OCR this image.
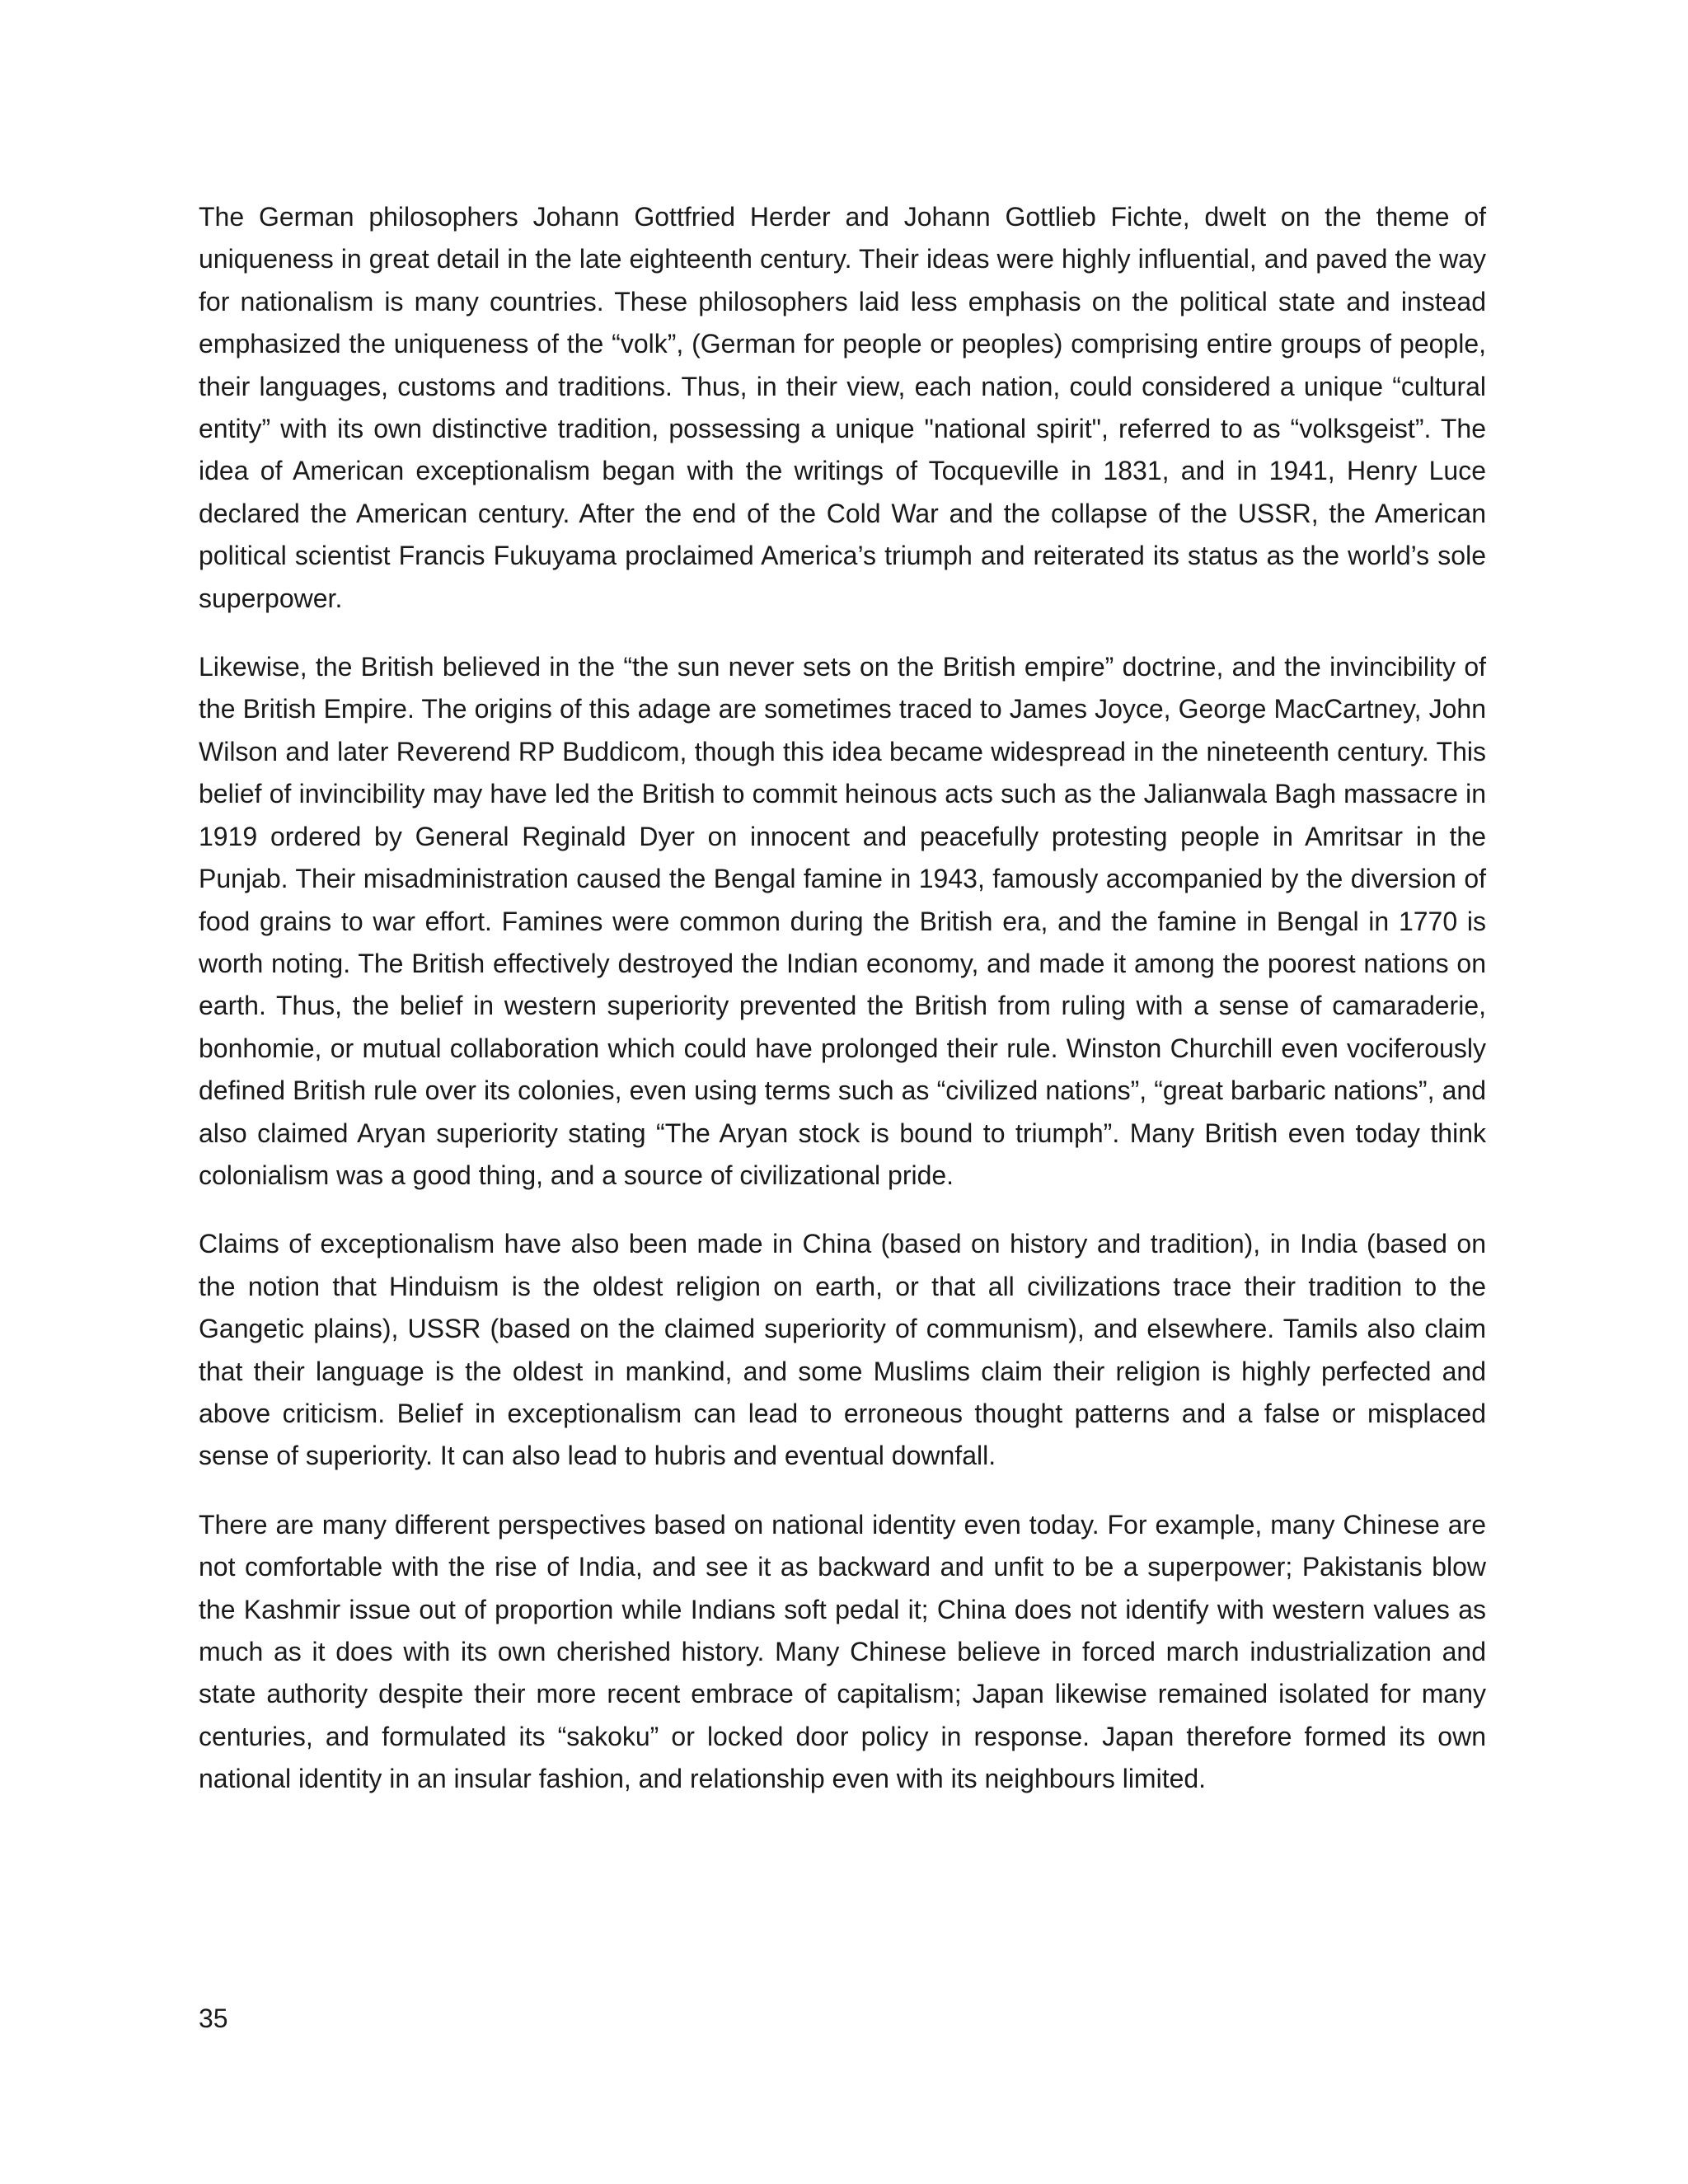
The German philosophers Johann Gottfried Herder and Johann Gottlieb Fichte, dwelt on the theme of uniqueness in great detail in the late eighteenth century. Their ideas were highly influential, and paved the way for nationalism is many countries. These philosophers laid less emphasis on the political state and instead emphasized the uniqueness of the “volk”, (German for people or peoples) comprising entire groups of people, their languages, customs and traditions. Thus, in their view, each nation, could considered a unique “cultural entity” with its own distinctive tradition, possessing a unique "national spirit", referred to as “volksgeist”. The idea of American exceptionalism began with the writings of Tocqueville in 1831, and in 1941, Henry Luce declared the American century. After the end of the Cold War and the collapse of the USSR, the American political scientist Francis Fukuyama proclaimed America’s triumph and reiterated its status as the world’s sole superpower.

Likewise, the British believed in the “the sun never sets on the British empire” doctrine, and the invincibility of the British Empire. The origins of this adage are sometimes traced to James Joyce, George MacCartney, John Wilson and later Reverend RP Buddicom, though this idea became widespread in the nineteenth century. This belief of invincibility may have led the British to commit heinous acts such as the Jalianwala Bagh massacre in 1919 ordered by General Reginald Dyer on innocent and peacefully protesting people in Amritsar in the Punjab. Their misadministration caused the Bengal famine in 1943, famously accompanied by the diversion of food grains to war effort. Famines were common during the British era, and the famine in Bengal in 1770 is worth noting. The British effectively destroyed the Indian economy, and made it among the poorest nations on earth. Thus, the belief in western superiority prevented the British from ruling with a sense of camaraderie, bonhomie, or mutual collaboration which could have prolonged their rule. Winston Churchill even vociferously defined British rule over its colonies, even using terms such as “civilized nations”, “great barbaric nations”, and also claimed Aryan superiority stating “The Aryan stock is bound to triumph”. Many British even today think colonialism was a good thing, and a source of civilizational pride.

Claims of exceptionalism have also been made in China (based on history and tradition), in India (based on the notion that Hinduism is the oldest religion on earth, or that all civilizations trace their tradition to the Gangetic plains), USSR (based on the claimed superiority of communism), and elsewhere. Tamils also claim that their language is the oldest in mankind, and some Muslims claim their religion is highly perfected and above criticism. Belief in exceptionalism can lead to erroneous thought patterns and a false or misplaced sense of superiority. It can also lead to hubris and eventual downfall.

There are many different perspectives based on national identity even today. For example, many Chinese are not comfortable with the rise of India, and see it as backward and unfit to be a superpower; Pakistanis blow the Kashmir issue out of proportion while Indians soft pedal it; China does not identify with western values as much as it does with its own cherished history. Many Chinese believe in forced march industrialization and state authority despite their more recent embrace of capitalism; Japan likewise remained isolated for many centuries, and formulated its “sakoku” or locked door policy in response. Japan therefore formed its own national identity in an insular fashion, and relationship even with its neighbours limited.

35
